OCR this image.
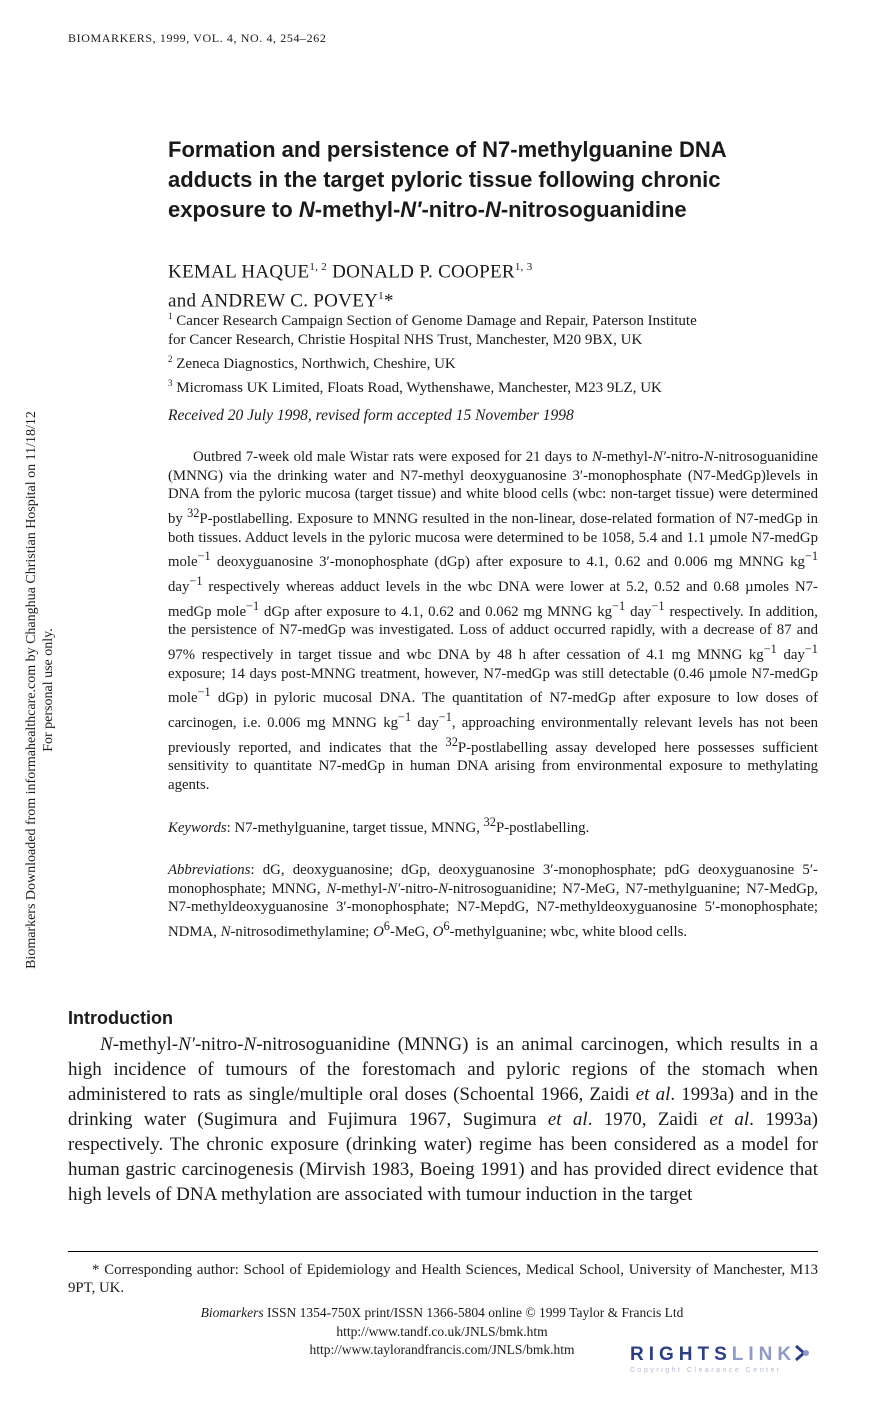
BIOMARKERS, 1999, VOL. 4, NO. 4, 254–262
Biomarkers Downloaded from informahealthcare.com by Changhua Christian Hospital on 11/18/12 For personal use only.
Formation and persistence of N7-methylguanine DNA
adducts in the target pyloric tissue following chronic
exposure to N-methyl-N′-nitro-N-nitrosoguanidine
KEMAL HAQUE$^{1, 2}$ DONALD P. COOPER$^{1, 3}$
and ANDREW C. POVEY$^1$*
$^1$ Cancer Research Campaign Section of Genome Damage and Repair, Paterson Institute
for Cancer Research, Christie Hospital NHS Trust, Manchester, M20 9BX, UK
$^2$ Zeneca Diagnostics, Northwich, Cheshire, UK
$^3$ Micromass UK Limited, Floats Road, Wythenshawe, Manchester, M23 9LZ, UK
Received 20 July 1998, revised form accepted 15 November 1998

Outbred 7-week old male Wistar rats were exposed for 21 days to N-methyl-N′-nitro-N-nitrosoguanidine (MNNG) via the drinking water and N7-methyl deoxyguanosine 3′-monophosphate (N7-MedGp)levels in DNA from the pyloric mucosa (target tissue) and white blood cells (wbc: non-target tissue) were determined by $^{32}$P-postlabelling. Exposure to MNNG resulted in the non-linear, dose-related formation of N7-medGp in both tissues. Adduct levels in the pyloric mucosa were determined to be 1058, 5.4 and 1.1 µmole N7-medGp mole$^{-1}$ deoxyguanosine 3′-monophosphate (dGp) after exposure to 4.1, 0.62 and 0.006 mg MNNG $kg^{-1}$ day$^{-1}$ respectively whereas adduct levels in the wbc DNA were lower at 5.2, 0.52 and 0.68 µmoles N7-medGp mole$^{-1}$ dGp after exposure to 4.1, 0.62 and 0.062 mg MNNG $kg^{-1}$ day$^{-1}$ respectively. In addition, the persistence of N7-medGp was investigated. Loss of adduct occurred rapidly, with a decrease of 87 and 97% respectively in target tissue and wbc DNA by 48 h after cessation of 4.1 mg MNNG $kg^{-1}$ day$^{-1}$ exposure; 14 days post-MNNG treatment, however, N7-medGp was still detectable (0.46 µmole N7-medGp mole$^{-1}$ dGp) in pyloric mucosal DNA. The quantitation of N7-medGp after exposure to low doses of carcinogen, i.e. 0.006 mg MNNG $kg^{-1}$ day$^{-1}$, approaching environmentally relevant levels has not been previously reported, and indicates that the $^{32}$P-postlabelling assay developed here possesses sufficient sensitivity to quantitate N7-medGp in human DNA arising from environmental exposure to methylating agents.

Keywords: N7-methylguanine, target tissue, MNNG, $^{32}$P-postlabelling.

Abbreviations: dG, deoxyguanosine; dGp, deoxyguanosine 3′-monophosphate; pdG deoxyguanosine 5′-monophosphate; MNNG, N-methyl-N′-nitro-N-nitrosoguanidine; N7-MeG, N7-methylguanine; N7-MedGp, N7-methyldeoxyguanosine 3′-monophosphate; N7-MepdG, N7-methyldeoxyguanosine 5′-monophosphate; NDMA, N-nitrosodimethylamine; $O^6$-MeG, $O^6$-methylguanine; wbc, white blood cells.

Introduction

N-methyl-N′-nitro-N-nitrosoguanidine (MNNG) is an animal carcinogen, which results in a high incidence of tumours of the forestomach and pyloric regions of the stomach when administered to rats as single/multiple oral doses (Schoental 1966, Zaidi et al. 1993a) and in the drinking water (Sugimura and Fujimura 1967, Sugimura et al. 1970, Zaidi et al. 1993a) respectively. The chronic exposure (drinking water) regime has been considered as a model for human gastric carcinogenesis (Mirvish 1983, Boeing 1991) and has provided direct evidence that high levels of DNA methylation are associated with tumour induction in the target

* Corresponding author: School of Epidemiology and Health Sciences, Medical School, University of Manchester, M13 9PT, UK.

Biomarkers ISSN 1354-750X print/ISSN 1366-5804 online © 1999 Taylor & Francis Ltd
http://www.tandf.co.uk/JNLS/bmk.htm
http://www.taylorandfrancis.com/JNLS/bmk.htm	RIGHTSLINK
Copyright Clearance Center
